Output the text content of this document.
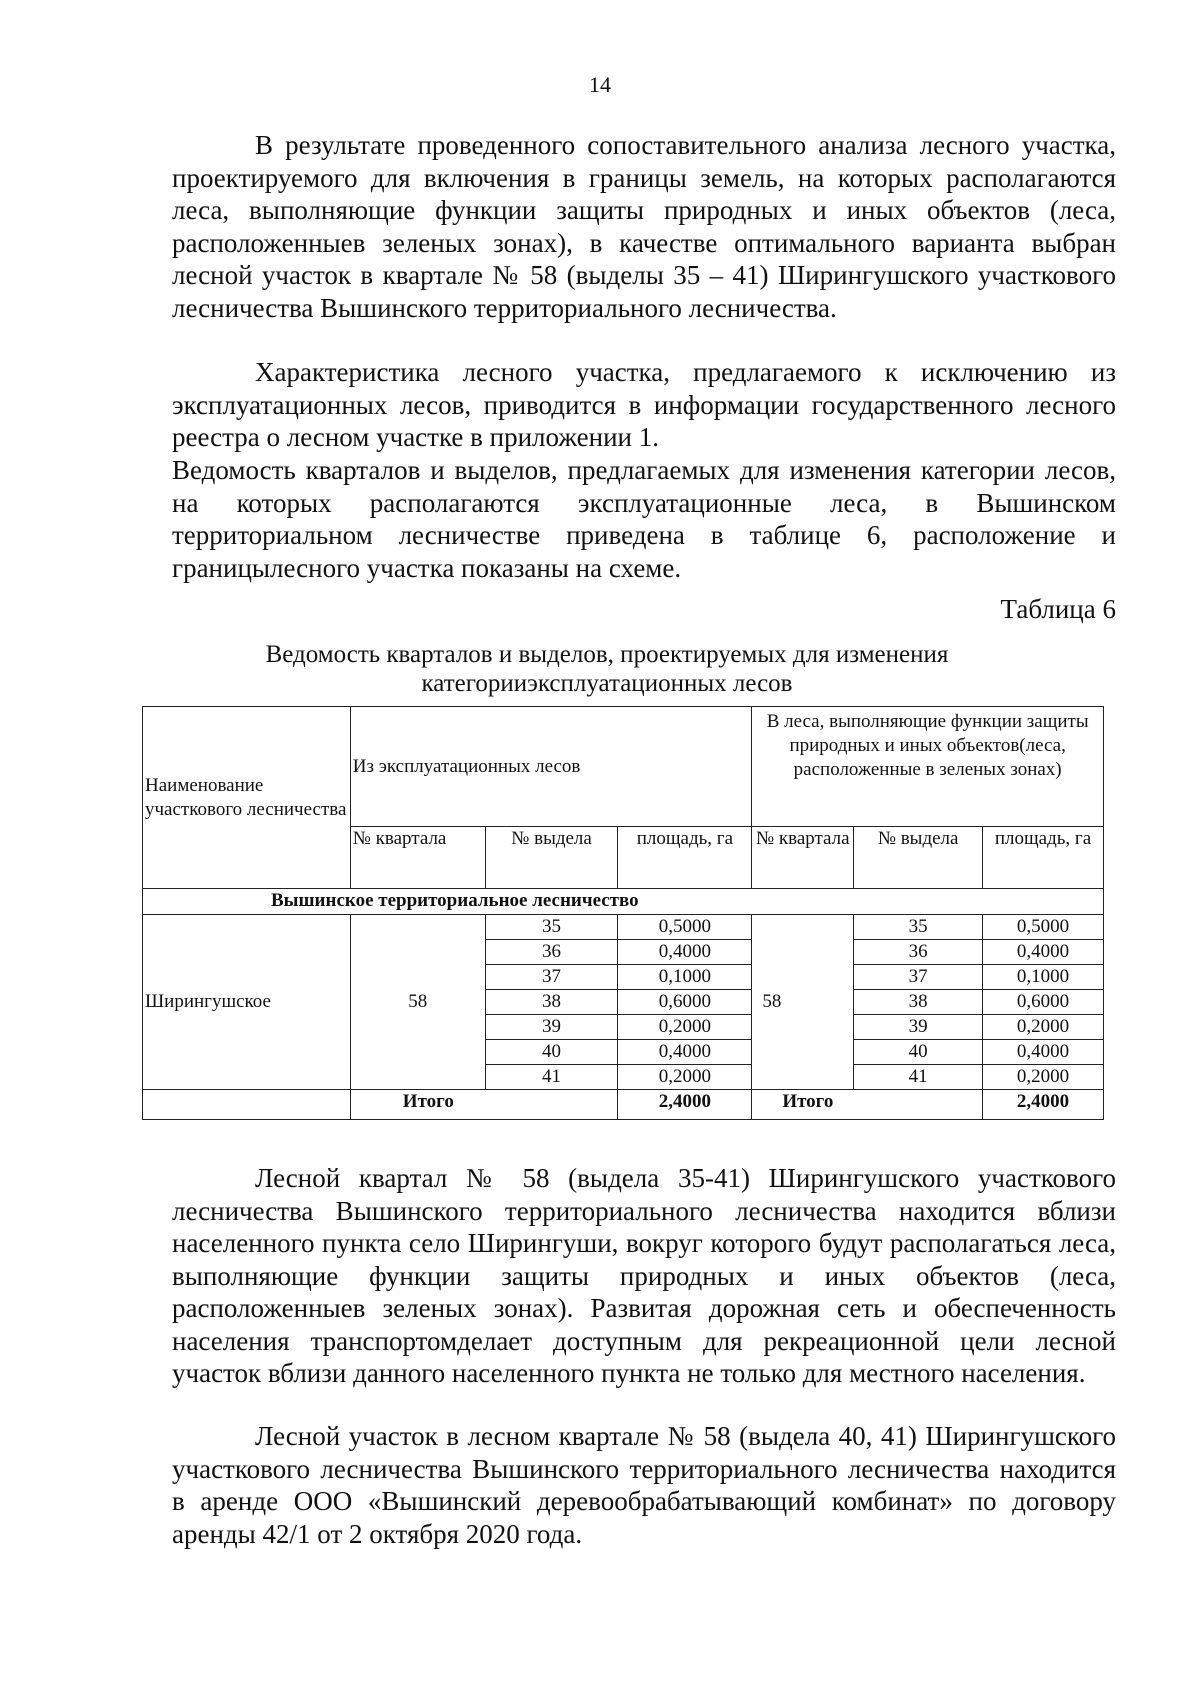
14

В результате проведенного сопоставительного анализа лесного участка, проектируемого для включения в границы земель, на которых располагаются леса, выполняющие функции защиты природных и иных объектов (леса, расположенныев зеленых зонах), в качестве оптимального варианта выбран лесной участок в квартале № 58 (выделы 35 – 41) Ширингушского участкового лесничества Вышинского территориального лесничества.

Характеристика лесного участка, предлагаемого к исключению из эксплуатационных лесов, приводится в информации государственного лесного реестра о лесном участке в приложении 1.

Ведомость кварталов и выделов, предлагаемых для изменения категории лесов, на которых располагаются эксплуатационные леса, в Вышинском территориальном лесничестве приведена в таблице 6, расположение и границылесного участка показаны на схеме.

Таблица 6
Ведомость кварталов и выделов, проектируемых для изменения
категорииэксплуатационных лесов
Наименование участкового лесничества	Из эксплуатационных лесов			В леса, выполняющие функции защиты природных и иных объектов(леса, расположенные в зеленых зонах)		
	№ квартала	№ выдела	площадь, га	№ квартала	№ выдела	площадь, га
Вышинское территориальное лесничество						
Ширингушское	58	35	0,5000	58	35	0,5000
		36	0,4000		36	0,4000
		37	0,1000		37	0,1000
		38	0,6000		38	0,6000
		39	0,2000		39	0,2000
		40	0,4000		40	0,4000
		41	0,2000		41	0,2000
	Итого		2,4000	Итого		2,4000

Лесной квартал № 58 (выдела 35-41) Ширингушского участкового лесничества Вышинского территориального лесничества находится вблизи населенного пункта село Ширингуши, вокруг которого будут располагаться леса, выполняющие функции защиты природных и иных объектов (леса, расположенныев зеленых зонах). Развитая дорожная сеть и обеспеченность населения транспортомделает доступным для рекреационной цели лесной участок вблизи данного населенного пункта не только для местного населения.

Лесной участок в лесном квартале № 58 (выдела 40, 41) Ширингушского участкового лесничества Вышинского территориального лесничества находится в аренде ООО «Вышинский деревообрабатывающий комбинат» по договору аренды 42/1 от 2 октября 2020 года.
